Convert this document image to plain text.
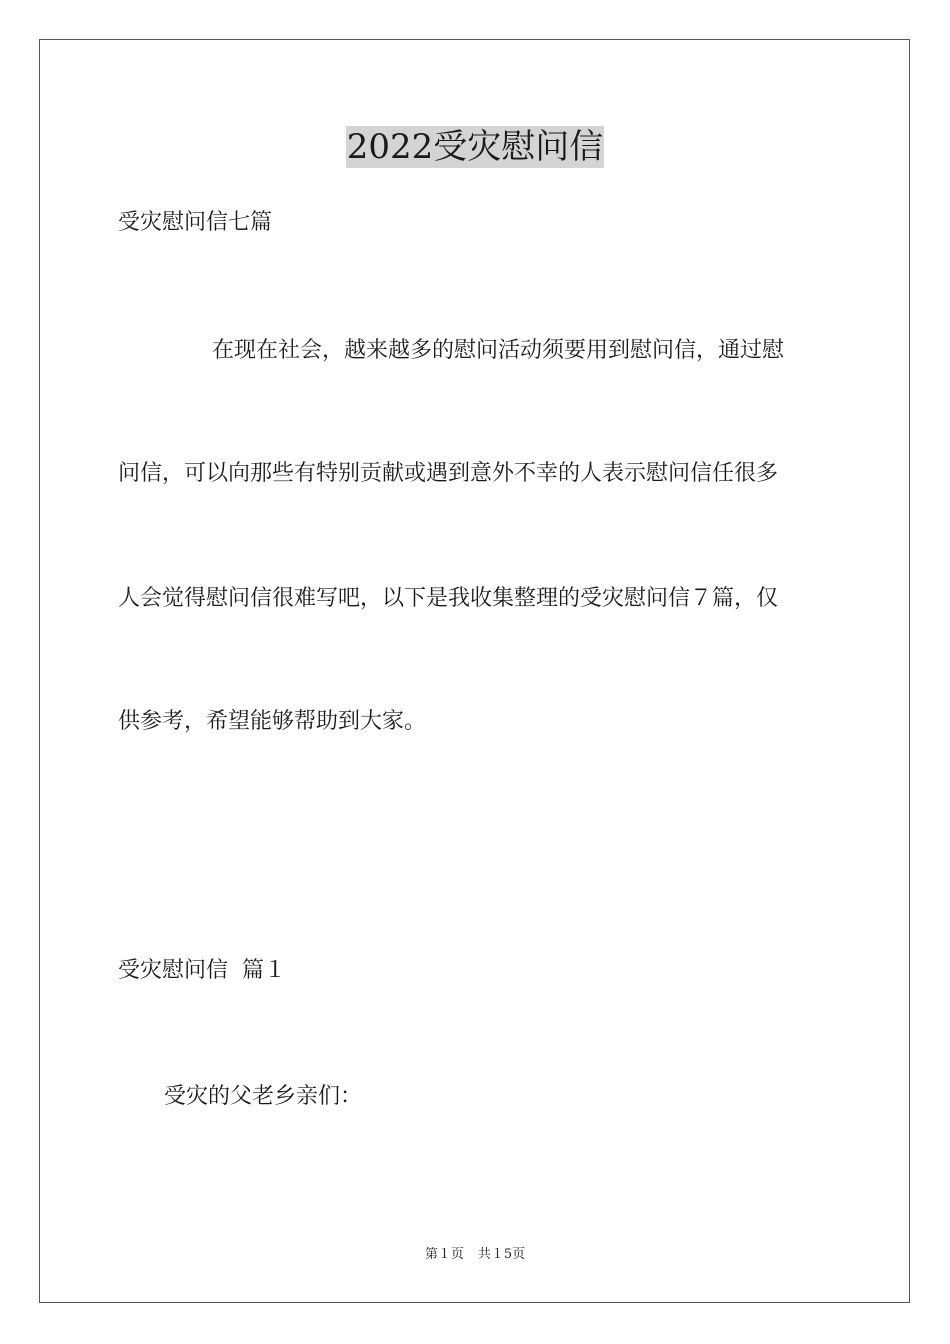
2022受灾慰问信
受灾慰问信七篇
在现在社会，越来越多的慰问活动须要用到慰问信，通过慰
问信，可以向那些有特别贡献或遇到意外不幸的人表示慰问信任很多
人会觉得慰问信很难写吧，以下是我收集整理的受灾慰问信７篇，仅
供参考，希望能够帮助到大家。
受灾慰问信  篇１
受灾的父老乡亲们：
第１页 共１5页
